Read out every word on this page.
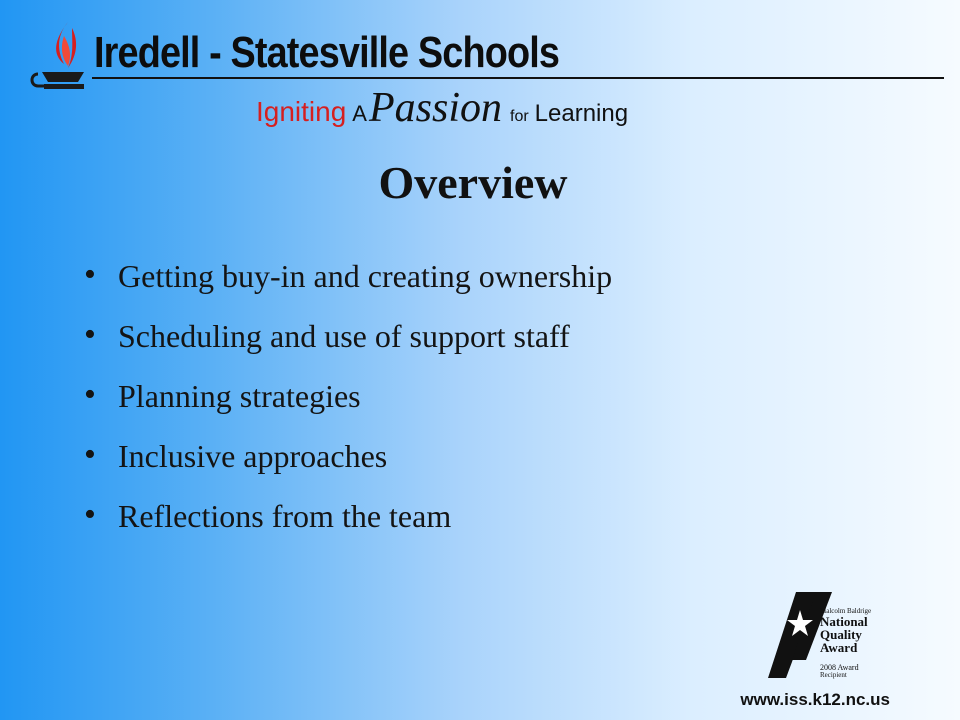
Iredell - Statesville Schools
Igniting APassion for Learning
Overview
• Getting buy-in and creating ownership
• Scheduling and use of support staff
• Planning strategies
• Inclusive approaches
• Reflections from the team
Malcolm Baldrige
National
Quality
Award
2008 Award
Recipient
www.iss.k12.nc.us
